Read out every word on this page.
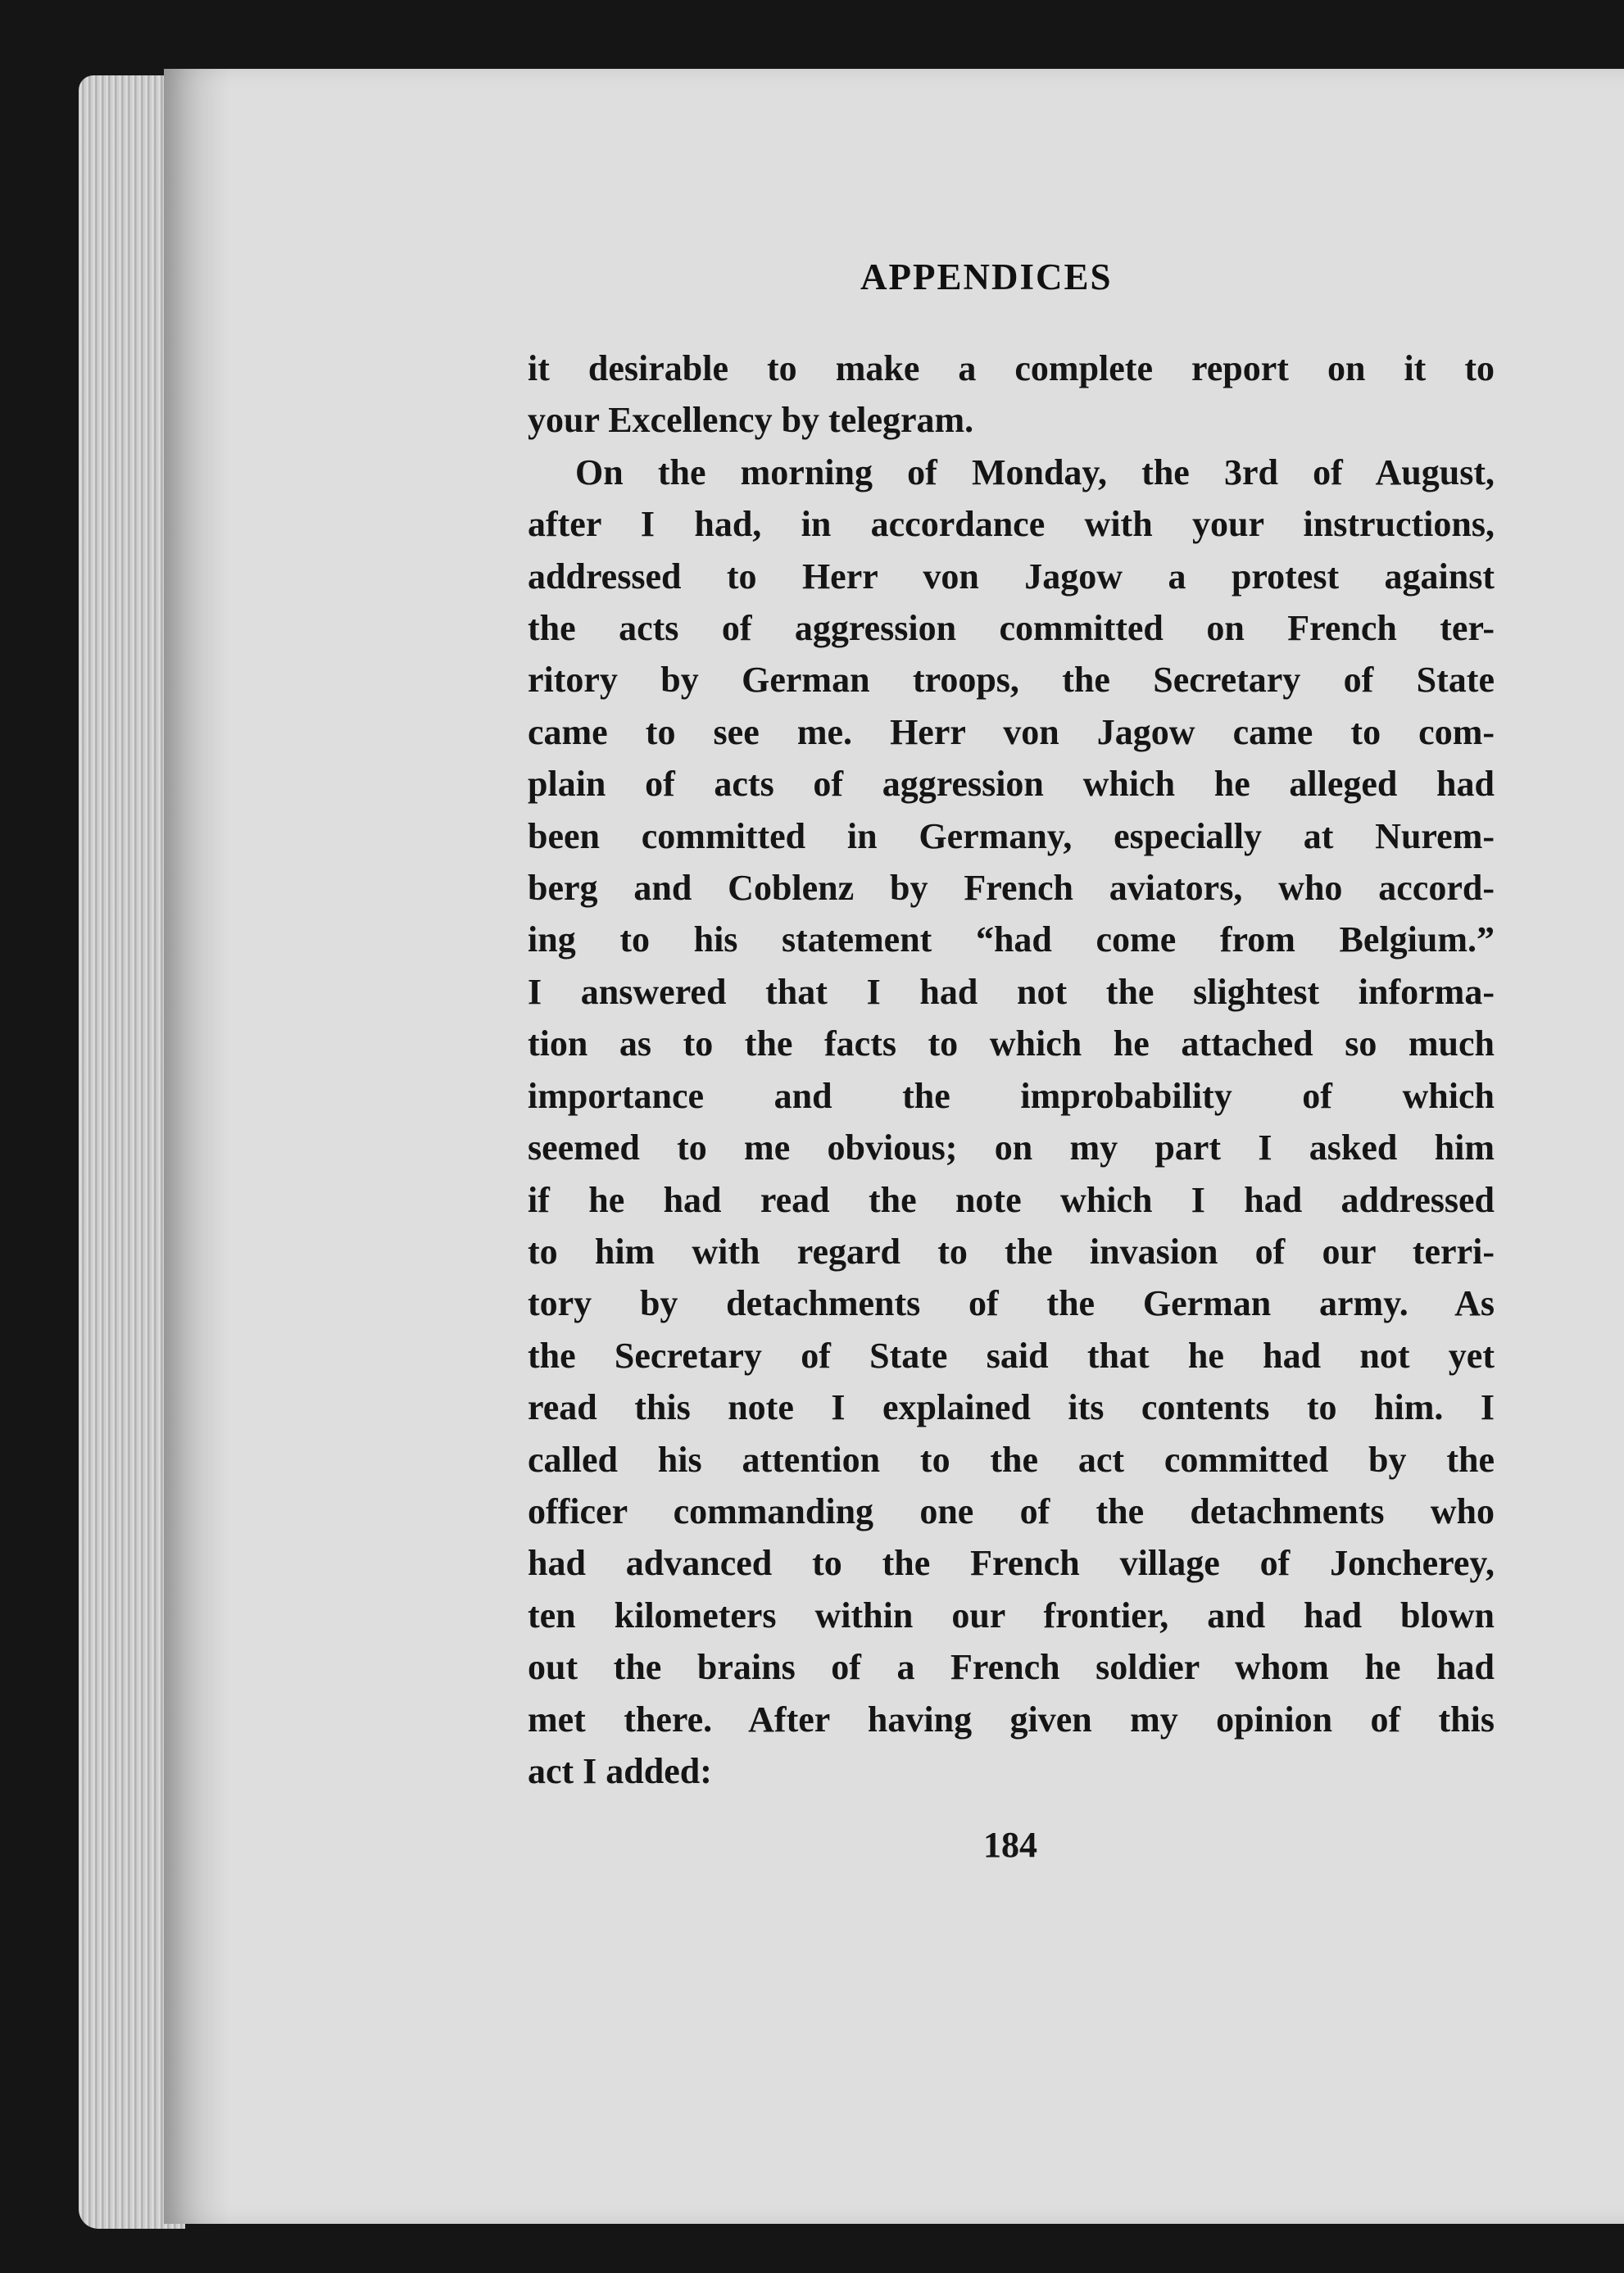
APPENDICES
it desirable to make a complete report on it to
your Excellency by telegram.
On the morning of Monday, the 3rd of August,
after I had, in accordance with your instructions,
addressed to Herr von Jagow a protest against
the acts of aggression committed on French ter-
ritory by German troops, the Secretary of State
came to see me. Herr von Jagow came to com-
plain of acts of aggression which he alleged had
been committed in Germany, especially at Nurem-
berg and Coblenz by French aviators, who accord-
ing to his statement “had come from Belgium.”
I answered that I had not the slightest informa-
tion as to the facts to which he attached so much
importance and the improbability of which
seemed to me obvious; on my part I asked him
if he had read the note which I had addressed
to him with regard to the invasion of our terri-
tory by detachments of the German army. As
the Secretary of State said that he had not yet
read this note I explained its contents to him. I
called his attention to the act committed by the
officer commanding one of the detachments who
had advanced to the French village of Joncherey,
ten kilometers within our frontier, and had blown
out the brains of a French soldier whom he had
met there. After having given my opinion of this
act I added:
184
